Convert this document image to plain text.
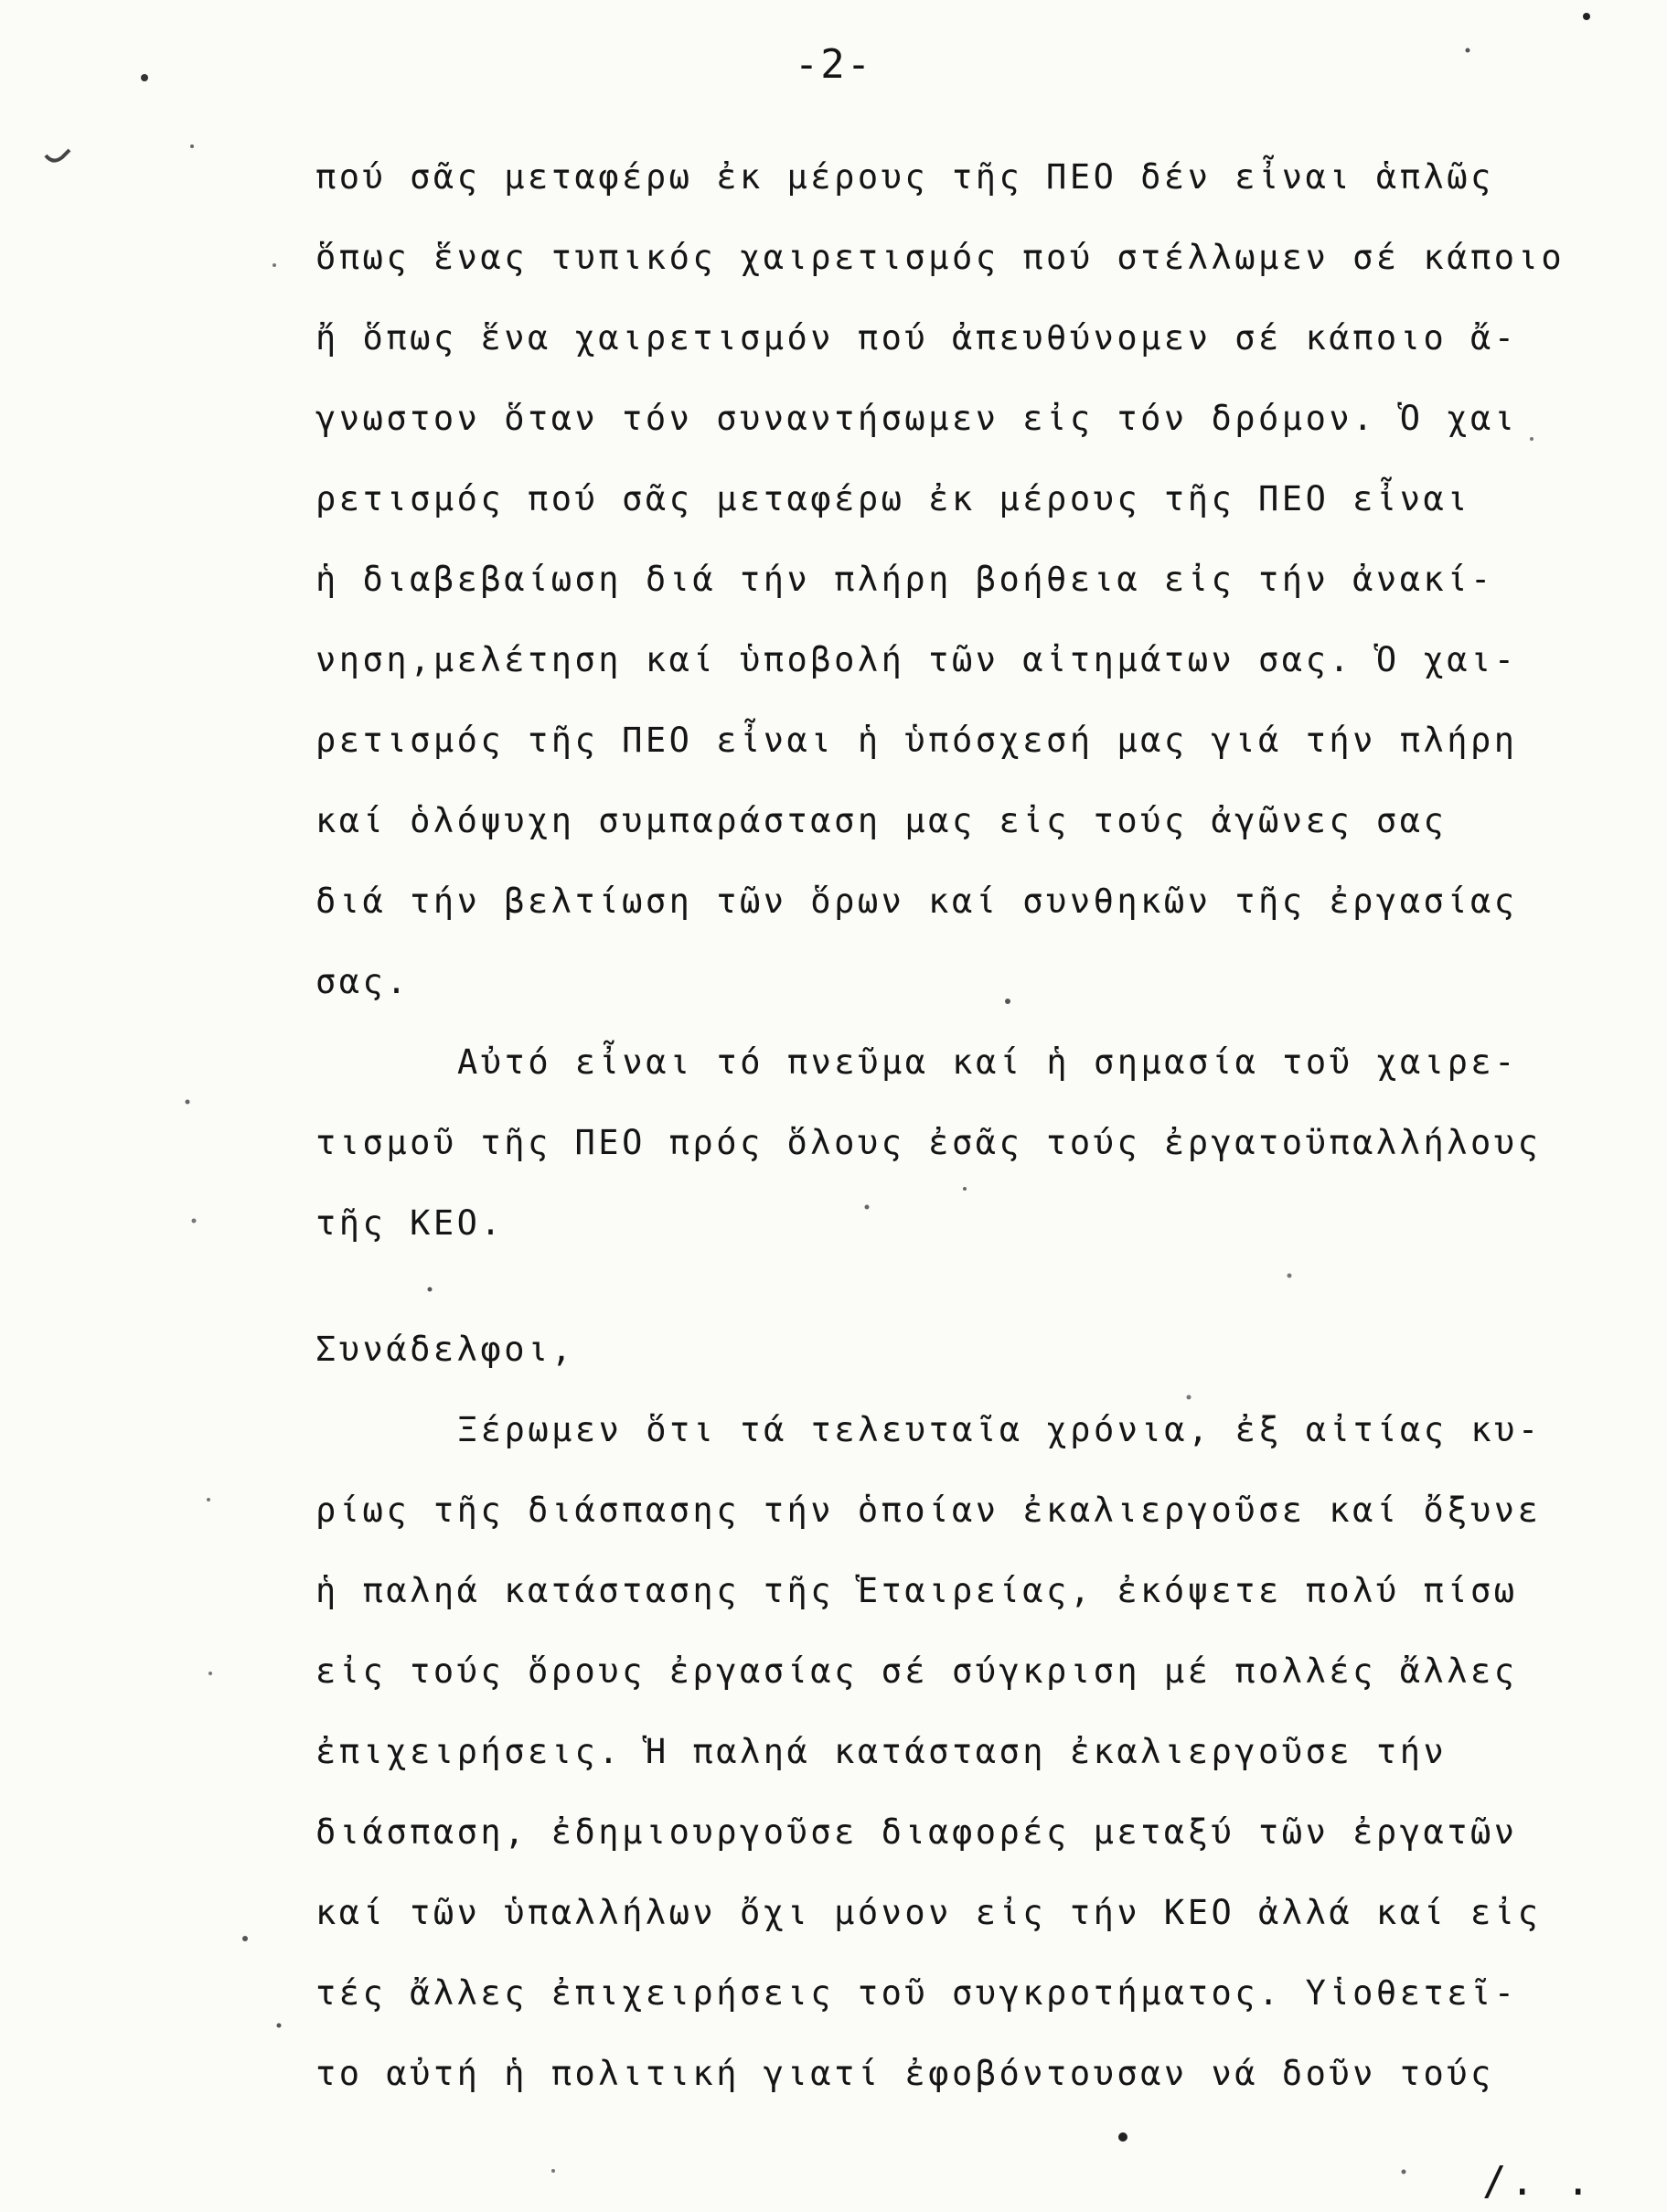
-2-
πού σᾶς μεταφέρω ἐκ μέρους τῆς ΠΕΟ δέν εἶναι ἁπλῶς
ὅπως ἕνας τυπικός χαιρετισμός πού στέλλωμεν σέ κάποιο
ἤ ὅπως ἕνα χαιρετισμόν πού ἀπευθύνομεν σέ κάποιο ἄ-
γνωστον ὅταν τόν συναντήσωμεν εἰς τόν δρόμον. Ὁ χαι
ρετισμός πού σᾶς μεταφέρω ἐκ μέρους τῆς ΠΕΟ εἶναι
ἡ διαβεβαίωση διά τήν πλήρη βοήθεια εἰς τήν ἀνακί-
νηση,μελέτηση καί ὑποβολή τῶν αἰτημάτων σας. Ὁ χαι-
ρετισμός τῆς ΠΕΟ εἶναι ἡ ὑπόσχεσή μας γιά τήν πλήρη
καί ὁλόψυχη συμπαράσταση μας εἰς τούς ἀγῶνες σας
διά τήν βελτίωση τῶν ὅρων καί συνθηκῶν τῆς ἐργασίας
σας.
Αὐτό εἶναι τό πνεῦμα καί ἡ σημασία τοῦ χαιρε-
τισμοῦ τῆς ΠΕΟ πρός ὅλους ἐσᾶς τούς ἐργατοϋπαλλήλους
τῆς ΚΕΟ.
Συνάδελφοι,
Ξέρωμεν ὅτι τά τελευταῖα χρόνια, ἐξ αἰτίας κυ-
ρίως τῆς διάσπασης τήν ὁποίαν ἐκαλιεργοῦσε καί ὄξυνε
ἡ παληά κατάστασης τῆς Ἑταιρείας, ἐκόψετε πολύ πίσω
εἰς τούς ὅρους ἐργασίας σέ σύγκριση μέ πολλές ἄλλες
ἐπιχειρήσεις. Ἡ παληά κατάσταση ἐκαλιεργοῦσε τήν
διάσπαση, ἐδημιουργοῦσε διαφορές μεταξύ τῶν ἐργατῶν
καί τῶν ὑπαλλήλων ὄχι μόνον εἰς τήν ΚΕΟ ἀλλά καί εἰς
τές ἄλλες ἐπιχειρήσεις τοῦ συγκροτήματος. Υἱοθετεῖ-
το αὐτή ἡ πολιτική γιατί ἐφοβόντουσαν νά δοῦν τούς
/. .
